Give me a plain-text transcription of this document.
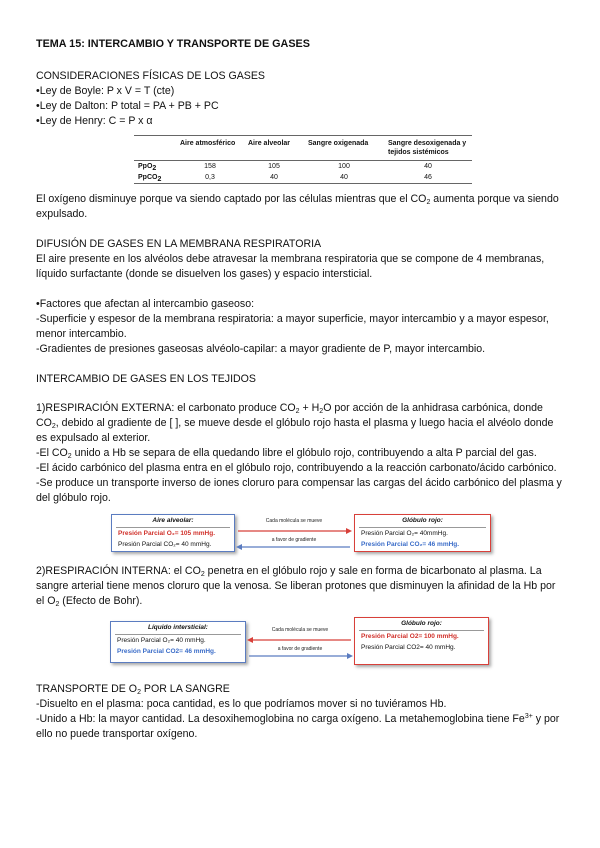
TEMA 15: INTERCAMBIO Y TRANSPORTE DE GASES

CONSIDERACIONES FÍSICAS DE LOS GASES

•Ley de Boyle: P x V = T (cte)

•Ley de Dalton: P total = PA + PB + PC

•Ley de Henry: C = P x α

	Aire atmosférico	Aire alveolar	Sangre oxigenada	Sangre desoxigenada y tejidos sistémicos
PpO$_2$	158	105	100	40
PpCO$_2$	0,3	40	40	46

El oxígeno disminuye porque va siendo captado por las células mientras que el $CO_2$ aumenta porque va siendo expulsado.

DIFUSIÓN DE GASES EN LA MEMBRANA RESPIRATORIA

El aire presente en los alvéolos debe atravesar la membrana respiratoria que se compone de 4 membranas, líquido surfactante (donde se disuelven los gases) y espacio intersticial.

•Factores que afectan al intercambio gaseoso:

-Superficie y espesor de la membrana respiratoria: a mayor superficie, mayor intercambio y a mayor espesor, menor intercambio.

-Gradientes de presiones gaseosas alvéolo-capilar: a mayor gradiente de P, mayor intercambio.

INTERCAMBIO DE GASES EN LOS TEJIDOS

1)RESPIRACIÓN EXTERNA: el carbonato produce $CO_2 + H_2O$ por acción de la anhidrasa carbónica, donde $CO_2$, debido al gradiente de [ ], se mueve desde el glóbulo rojo hasta el plasma y luego hacia el alvéolo donde es expulsado al exterior.

-El $CO_2$ unido a Hb se separa de ella quedando libre el glóbulo rojo, contribuyendo a alta P parcial del gas.

-El ácido carbónico del plasma entra en el glóbulo rojo, contribuyendo a la reacción carbonato/ácido carbónico.

-Se produce un transporte inverso de iones cloruro para compensar las cargas del ácido carbónico del plasma y del glóbulo rojo.

Aire alveolar:
Presión Parcial O₂= 105 mmHg.
Presión Parcial CO₂= 40 mmHg.
Cada molécula se mueve
a favor de gradiente
Glóbulo rojo:
Presión Parcial O₂= 40mmHg.
Presión Parcial CO₂= 46 mmHg.

2)RESPIRACIÓN INTERNA: el $CO_2$ penetra en el glóbulo rojo y sale en forma de bicarbonato al plasma. La sangre arterial tiene menos cloruro que la venosa. Se liberan protones que disminuyen la afinidad de la Hb por el $O_2$ (Efecto de Bohr).

Líquido intersticial:
Presión Parcial O₂= 40 mmHg.
Presión Parcial CO2= 46 mmHg.
Cada molécula se mueve
a favor de gradiente
Glóbulo rojo:
Presión Parcial O2= 100 mmHg.
Presión Parcial CO2= 40 mmHg.

TRANSPORTE DE $O_2$ POR LA SANGRE

-Disuelto en el plasma: poca cantidad, es lo que podríamos mover si no tuviéramos Hb.

-Unido a Hb: la mayor cantidad. La desoxihemoglobina no carga oxígeno. La metahemoglobina tiene $Fe^{3+}$ y por ello no puede transportar oxígeno.
